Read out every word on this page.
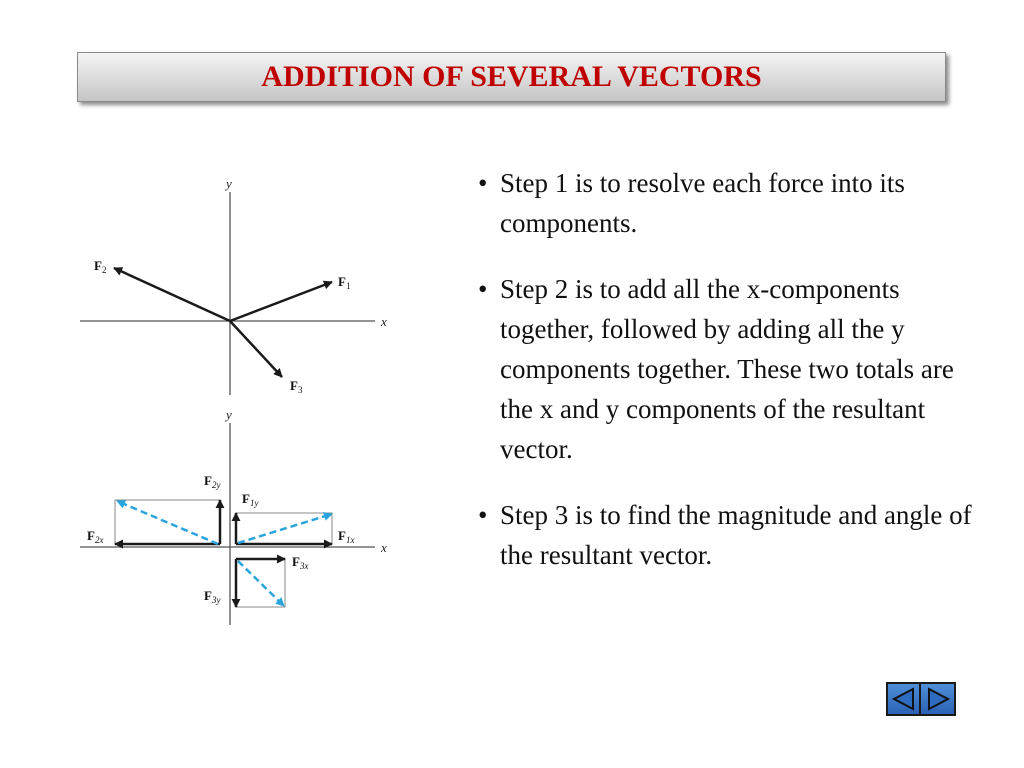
ADDITION OF SEVERAL VECTORS
y
x
$F_1$
$F_2$
$F_3$
y
x
$F_{2y}$
$F_{1y}$
$F_{2x}$	$F_{1x}$
$F_{3x}$
$F_{3y}$
• Step 1 is to resolve each force into its components.
• Step 2 is to add all the x-components together, followed by adding all the y components together. These two totals are the x and y components of the resultant vector.
• Step 3 is to find the magnitude and angle of the resultant vector.
